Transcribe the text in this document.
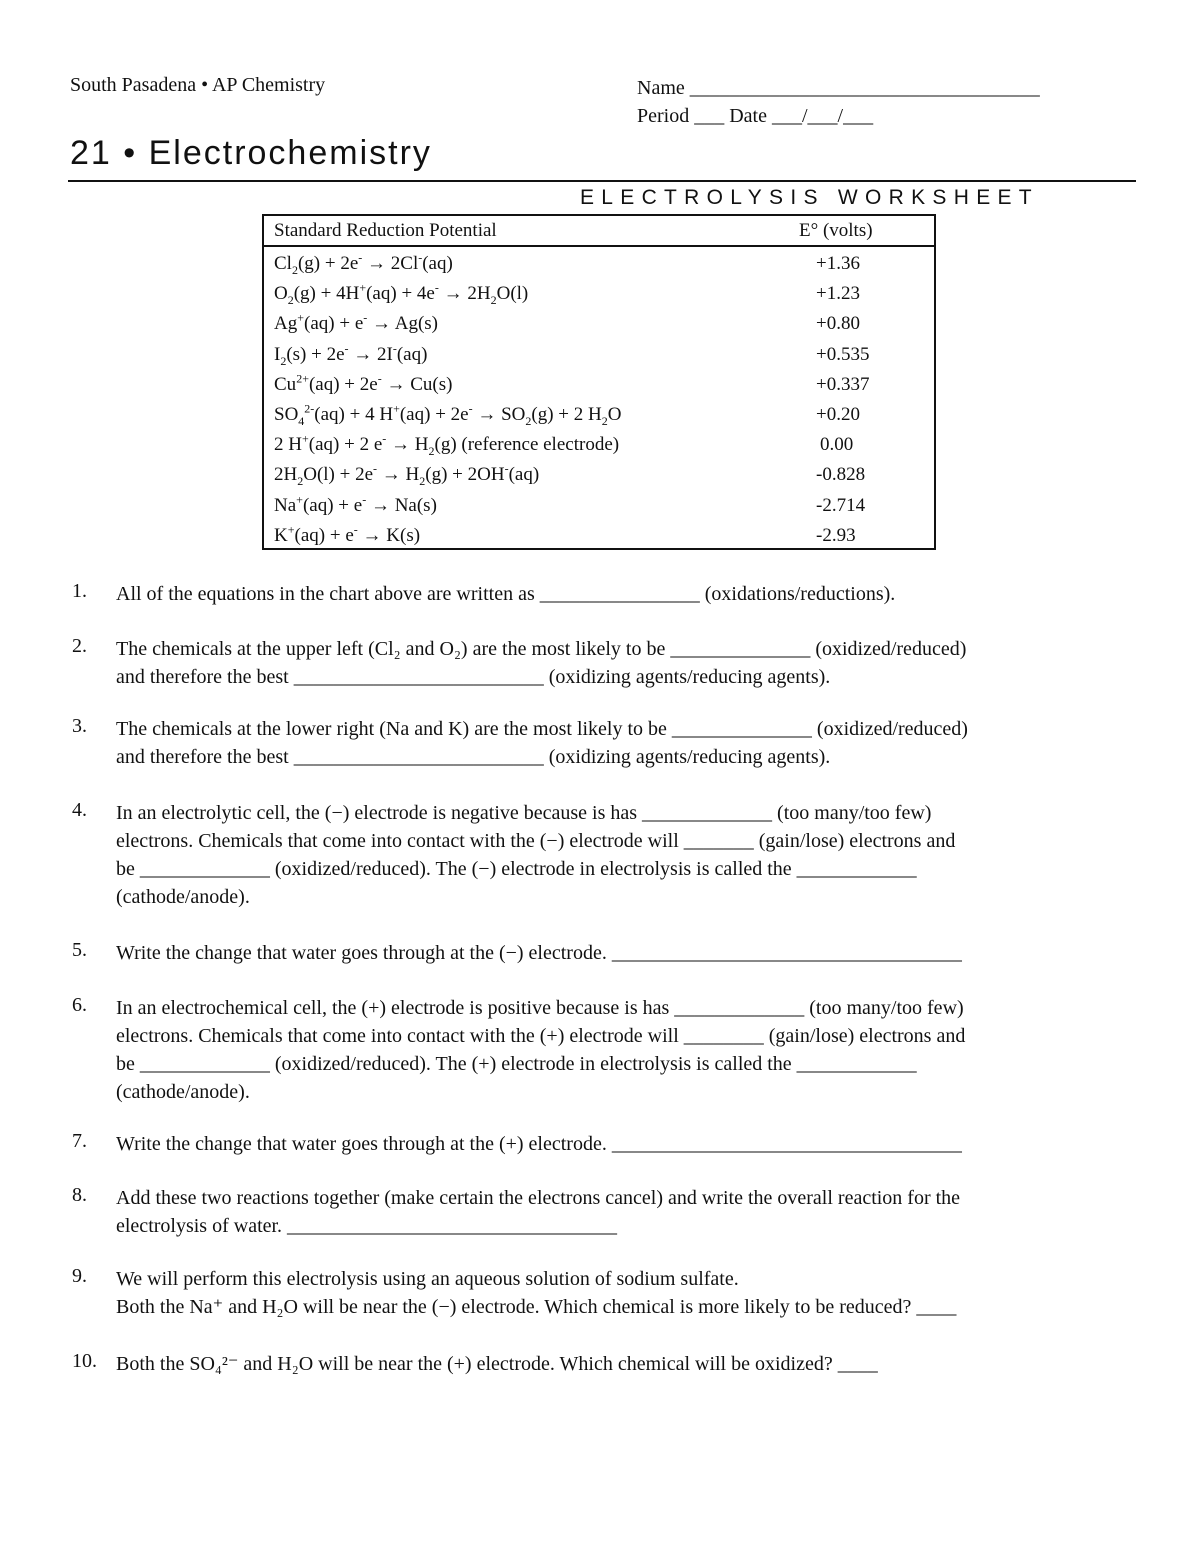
South Pasadena • AP Chemistry	Name ___________________________________
Period ___ Date ___/___/___
21 • Electrochemistry
ELECTROLYSIS WORKSHEET
Standard Reduction Potential	E° (volts)
$Cl_2(g) + 2e^- \to 2Cl^-(aq)$	+1.36
$O_2(g) + 4H^+(aq) + 4e^- \to 2H_2O(l)$	+1.23
Ag+(aq) + e- → Ag(s)	+0.80
$I_2(s) + 2e^- \to 2I^-(aq)$	+0.535
$Cu^{2+}(aq) + 2e^- \to Cu(s)$	+0.337
$SO_4^{2-}(aq) + 4$ $H^+(aq) + 2e^- \to SO_2(g) + 2$ $H_2O$	+0.20
2 H+(aq) + 2 $e^- \to H_2(g)$ (reference electrode)	0.00
$2H_2O(l) + 2e^- \to H_2(g) + 2OH^-(aq)$	-0.828
Na+(aq) + e- → Na(s)	-2.714
K+(aq) + e- → K(s)	-2.93
1. All of the equations in the chart above are written as ________________ (oxidations/reductions).
2. The chemicals at the upper left (Cl₂ and O₂) are the most likely to be ______________ (oxidized/reduced)
and therefore the best _________________________ (oxidizing agents/reducing agents).
3. The chemicals at the lower right (Na and K) are the most likely to be ______________ (oxidized/reduced)
and therefore the best _________________________ (oxidizing agents/reducing agents).
4. In an electrolytic cell, the (−) electrode is negative because is has _____________ (too many/too few)
electrons. Chemicals that come into contact with the (−) electrode will _______ (gain/lose) electrons and
be _____________ (oxidized/reduced). The (−) electrode in electrolysis is called the ____________
(cathode/anode).
5. Write the change that water goes through at the (−) electrode. ___________________________________
6. In an electrochemical cell, the (+) electrode is positive because is has _____________ (too many/too few)
electrons. Chemicals that come into contact with the (+) electrode will ________ (gain/lose) electrons and
be _____________ (oxidized/reduced). The (+) electrode in electrolysis is called the ____________
(cathode/anode).
7. Write the change that water goes through at the (+) electrode. ___________________________________
8. Add these two reactions together (make certain the electrons cancel) and write the overall reaction for the
electrolysis of water. _________________________________
9. We will perform this electrolysis using an aqueous solution of sodium sulfate.
Both the Na⁺ and H₂O will be near the (−) electrode. Which chemical is more likely to be reduced? ____
10. Both the SO₄²⁻ and H₂O will be near the (+) electrode. Which chemical will be oxidized? ____
